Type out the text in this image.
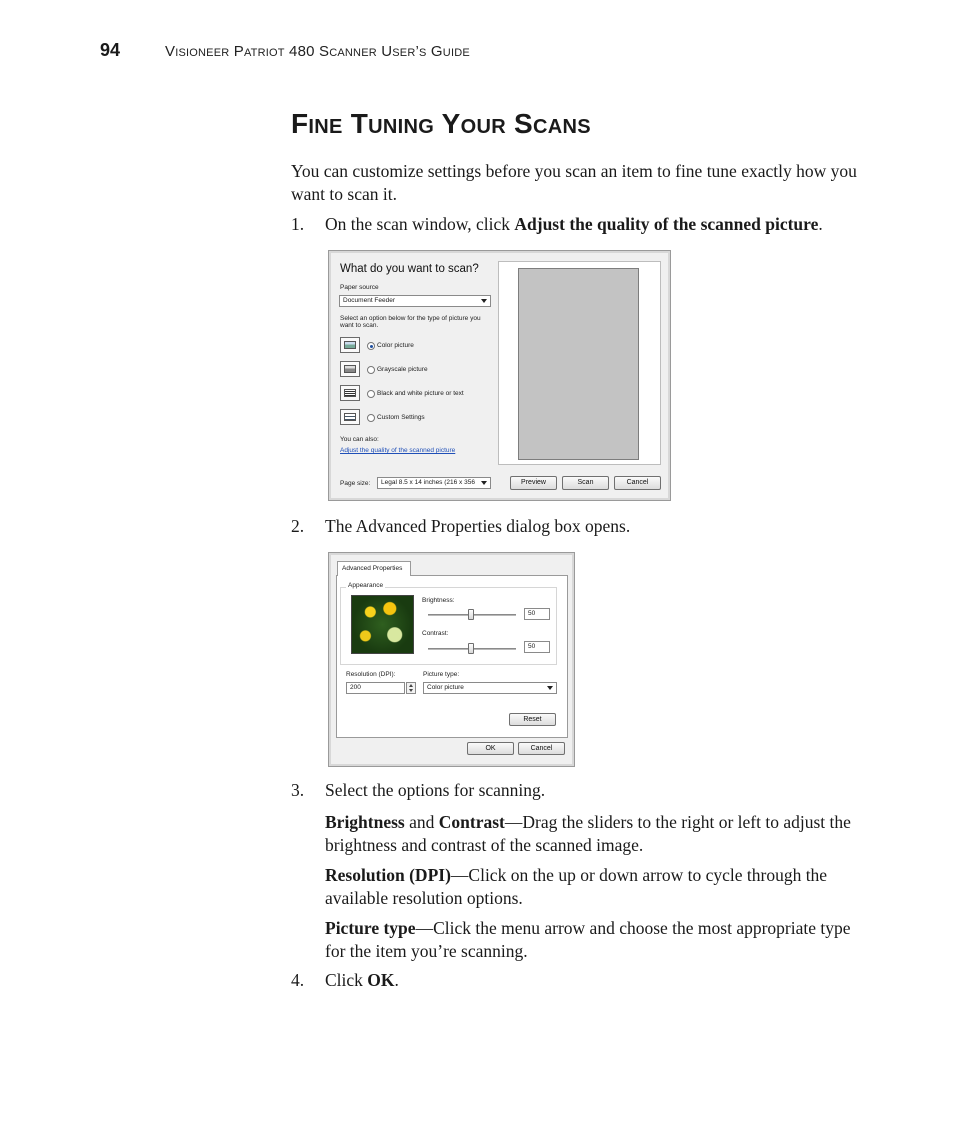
94	Visioneer Patriot 480 Scanner User’s Guide
Fine Tuning Your Scans
You can customize settings before you scan an item to fine tune exactly how you want to scan it.
1. On the scan window, click Adjust the quality of the scanned picture.
What do you want to scan?
Paper source
Document Feeder
Select an option below for the type of picture you
want to scan.
Color picture
Grayscale picture
Black and white picture or text
Custom Settings
You can also:
Adjust the quality of the scanned picture
Page size: Legal 8.5 x 14 inches (216 x 356	Preview	Scan	Cancel
2. The Advanced Properties dialog box opens.
Advanced Properties
Appearance
Brightness:
50
Contrast:
50
Resolution (DPI):
200
Picture type:
Color picture
Reset
OK	Cancel
3. Select the options for scanning.
Brightness and Contrast—Drag the sliders to the right or left to adjust the brightness and contrast of the scanned image.
Resolution (DPI)—Click on the up or down arrow to cycle through the available resolution options.
Picture type—Click the menu arrow and choose the most appropriate type for the item you’re scanning.
4. Click OK.
